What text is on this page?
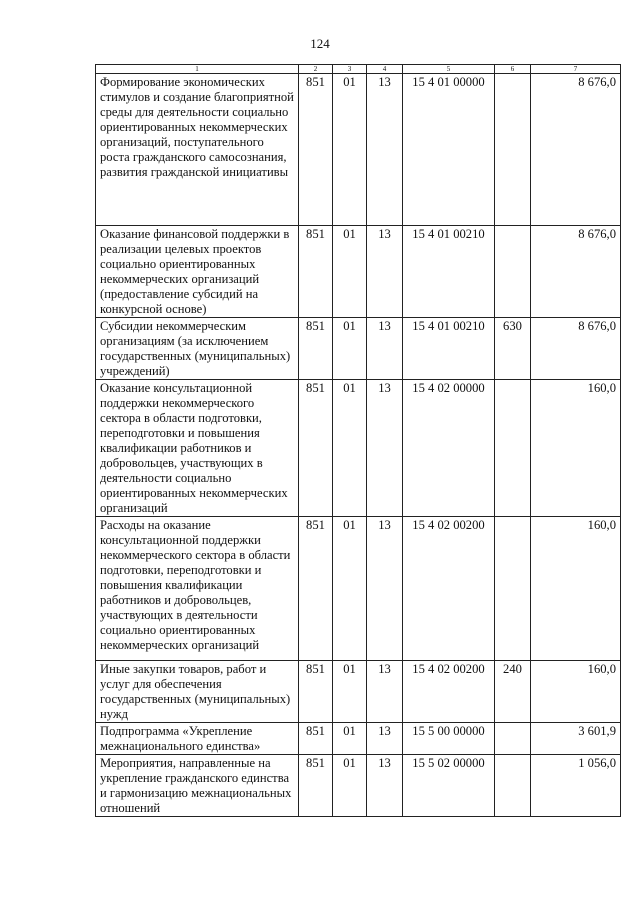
124
1	2	3	4	5	6	7
Формирование экономических стимулов и создание благоприятной среды для деятельности социально ориентированных некоммерческих организаций, поступательного роста гражданского самосознания, развития гражданской инициативы	851	01	13	15 4 01 00000		8 676,0
Оказание финансовой поддержки в реализации целевых проектов социально ориентированных некоммерческих организаций (предоставление субсидий на конкурсной основе)	851	01	13	15 4 01 00210		8 676,0
Субсидии некоммерческим организациям (за исключением государственных (муниципальных) учреждений)	851	01	13	15 4 01 00210	630	8 676,0
Оказание консультационной поддержки некоммерческого сектора в области подготовки, переподготовки и повышения квалификации работников и добровольцев, участвующих в деятельности социально ориентированных некоммерческих организаций	851	01	13	15 4 02 00000		160,0
Расходы на оказание консультационной поддержки некоммерческого сектора в области подготовки, переподготовки и повышения квалификации работников и добровольцев, участвующих в деятельности социально ориентированных некоммерческих организаций	851	01	13	15 4 02 00200		160,0
Иные закупки товаров, работ и услуг для обеспечения государственных (муниципальных) нужд	851	01	13	15 4 02 00200	240	160,0
Подпрограмма «Укрепление межнационального единства»	851	01	13	15 5 00 00000		3 601,9
Мероприятия, направленные на укрепление гражданского единства и гармонизацию межнациональных отношений	851	01	13	15 5 02 00000		1 056,0
